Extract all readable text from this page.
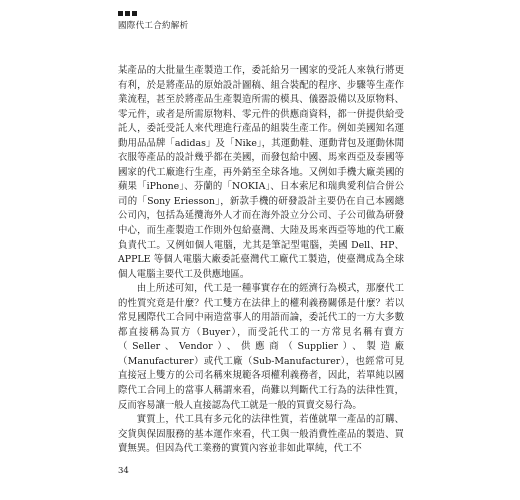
國際代工合約解析

某產品的大批量生產製造工作，委託給另一國家的受託人來執行將更有利，於是將產品的原始設計圖稿、組合裝配的程序、步驟等生產作業流程，甚至於將產品生產製造所需的模具、儀器設備以及原物料、零元件，或者是所需原物料、零元件的供應商資料，都一併提供給受託人，委託受託人來代理進行產品的組裝生產工作。例如美國知名運動用品品牌「adidas」及「Nike」，其運動鞋、運動背包及運動休閒衣服等產品的設計幾乎都在美國，而發包給中國、馬來西亞及泰國等國家的代工廠進行生產，再外銷至全球各地。又例如手機大廠美國的蘋果「iPhone」、芬蘭的「NOKIA」、日本索尼和瑞典愛利信合併公司的「Sony Eriesson」，新款手機的研發設計主要仍在自己本國總公司內，包括為延攬海外人才而在海外設立分公司、子公司做為研發中心，而生產製造工作則外包給臺灣、大陸及馬來西亞等地的代工廠負責代工。又例如個人電腦，尤其是筆記型電腦，美國 Dell、HP、APPLE 等個人電腦大廠委託臺灣代工廠代工製造，使臺灣成為全球個人電腦主要代工及供應地區。

由上所述可知，代工是一種事實存在的經濟行為模式，那麼代工的性質究竟是什麼？代工雙方在法律上的權利義務關係是什麼？若以常見國際代工合同中兩造當事人的用語而論，委託代工的一方大多數都直接稱為買方（Buyer），而受託代工的一方常見名稱有賣方（Seller、Vendor）、供應商（Supplier）、製造廠（Manufacturer）或代工廠（Sub-Manufacturer），也經常可見直接冠上雙方的公司名稱來規範各項權利義務者，因此，若單純以國際代工合同上的當事人稱謂來看，尚難以判斷代工行為的法律性質，反而容易讓一般人直接認為代工就是一般的買賣交易行為。

實質上，代工具有多元化的法律性質，若僅就單一產品的訂購、交貨與保固服務的基本運作來看，代工與一般消費性產品的製造、買賣無異。但因為代工業務的實質內容並非如此單純，代工不

34
